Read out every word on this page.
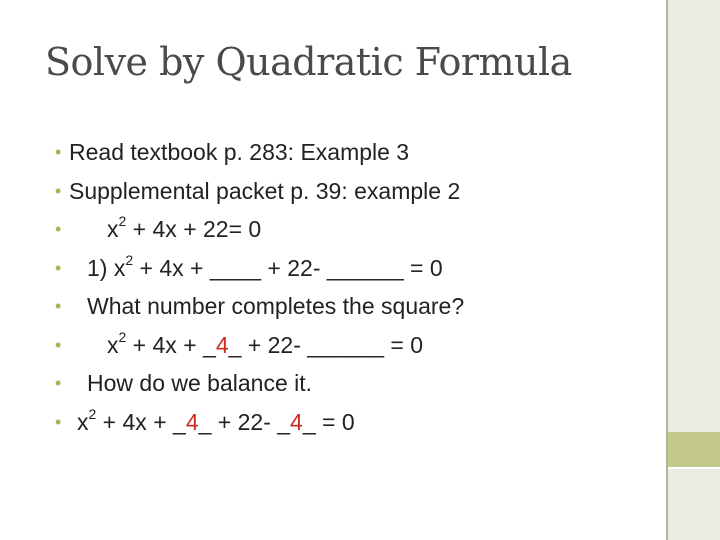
Solve by Quadratic Formula
• Read textbook p. 283: Example 3
• Supplemental packet p. 39: example 2
• $x^2 + 4x + 22= 0$
• 1) $x^2 + 4x$ + ____ + 22- ______ = 0
• What number completes the square?
• $x^2 + 4x$ + _4_ + 22- ______ = 0
• How do we balance it.
• $x^2 + 4x$ + _4_ + 22- _4_ = 0
